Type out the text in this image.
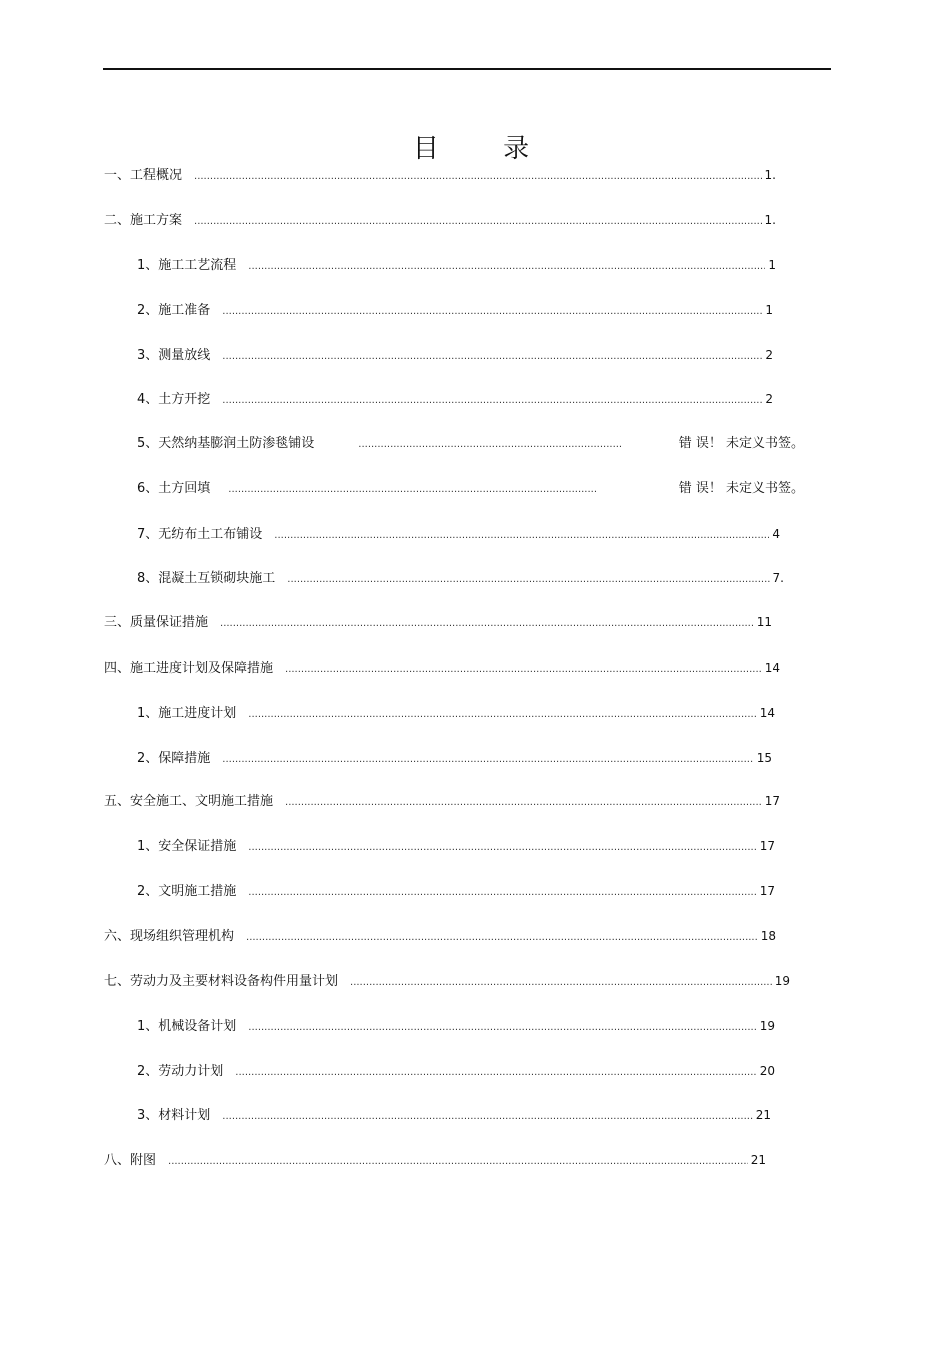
目 录
一、工程概况 .....	1.
二、施工方案 .....	1.
1、施工工艺流程 .....	1
2、施工准备 .....	1
3、测量放线 .....	2
4、土方开挖 .....	2
5、天然纳基膨润土防渗毯铺设 .....	错 误！ 未定义书签。
6、土方回填 .....	错 误！ 未定义书签。
7、无纺布土工布铺设 .....	4
8、混凝土互锁砌块施工 .....	7.
三、质量保证措施 .....	11
四、施工进度计划及保障措施 .....	14
1、施工进度计划 .....	14
2、保障措施 .....	15
五、安全施工、文明施工措施 .....	17
1、安全保证措施 .....	17
2、文明施工措施 .....	17
六、现场组织管理机构 .....	18
七、劳动力及主要材料设备构件用量计划 .....	19
1、机械设备计划 .....	19
2、劳动力计划 .....	20
3、材料计划 .....	21
八、附图 .....	21
